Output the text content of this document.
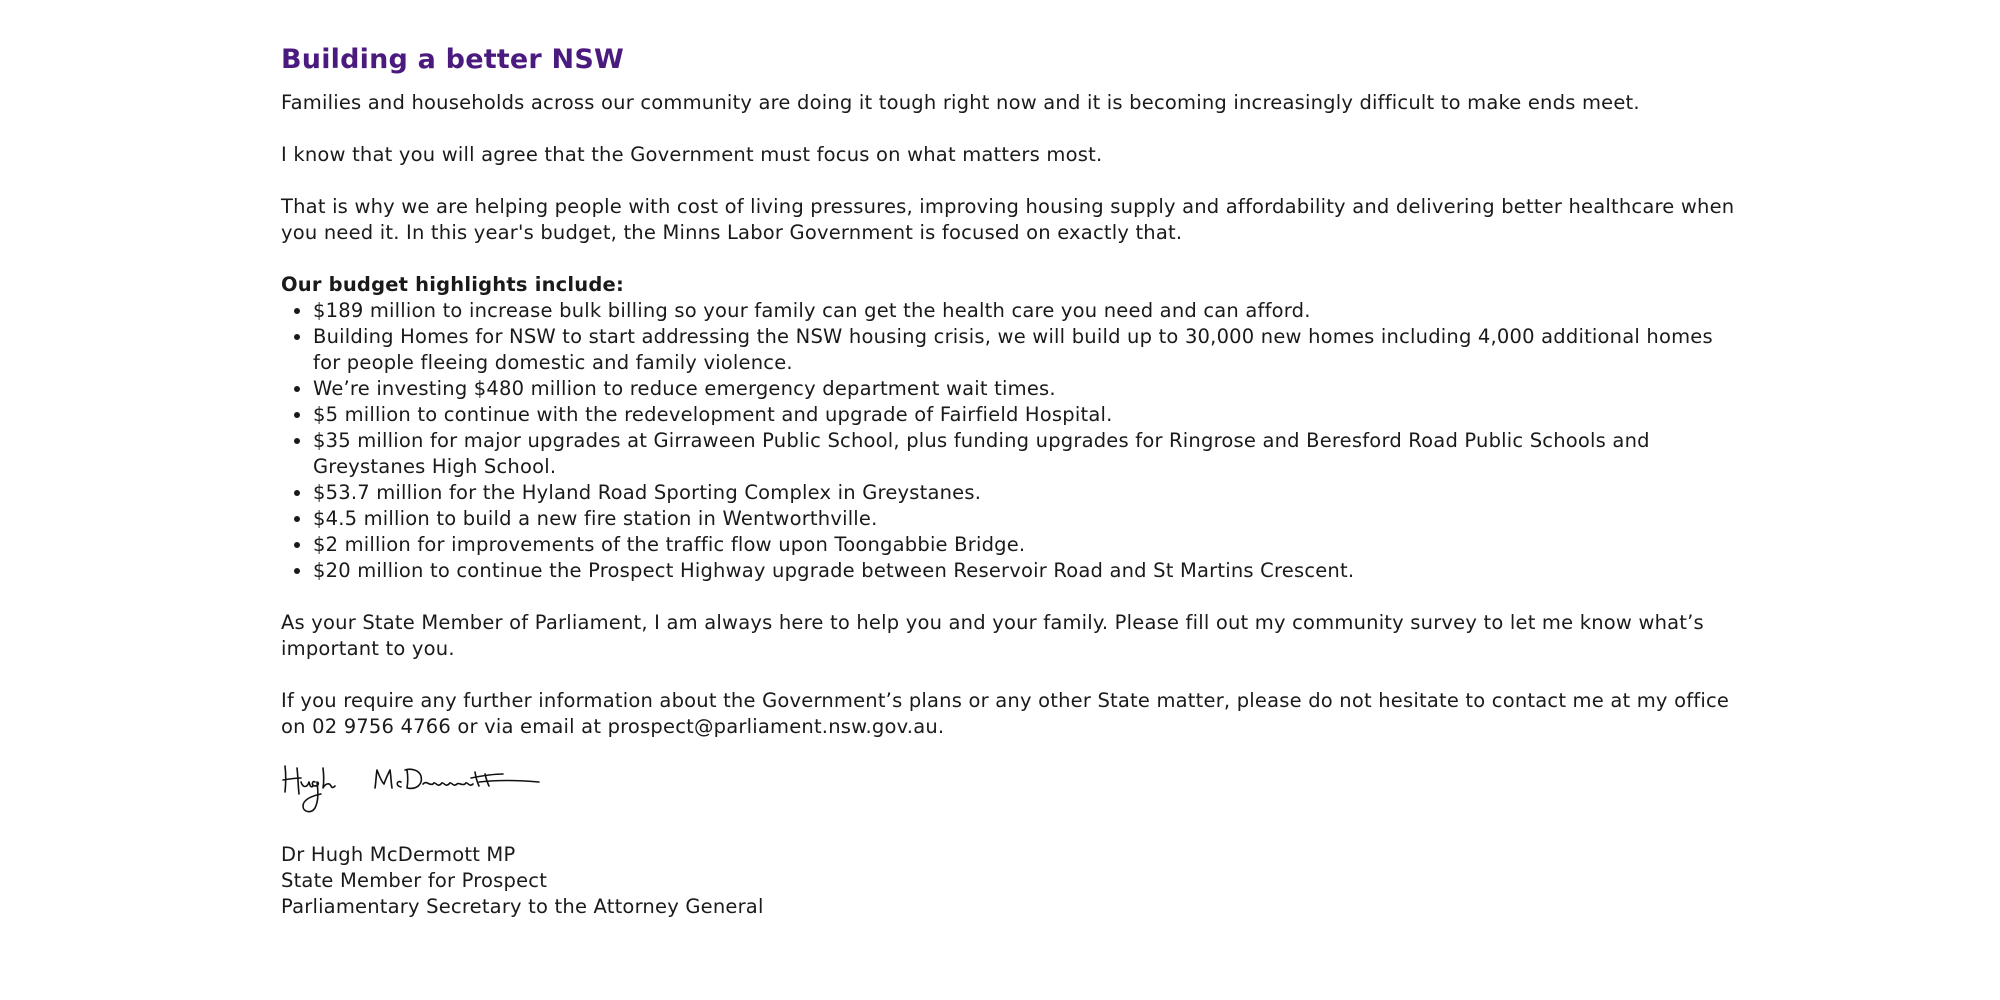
Building a better NSW

Families and households across our community are doing it tough right now and it is becoming increasingly difficult to make ends meet.

I know that you will agree that the Government must focus on what matters most.

That is why we are helping people with cost of living pressures, improving housing supply and affordability and delivering better healthcare when you need it. In this year's budget, the Minns Labor Government is focused on exactly that.

Our budget highlights include:
• $189 million to increase bulk billing so your family can get the health care you need and can afford.
• Building Homes for NSW to start addressing the NSW housing crisis, we will build up to 30,000 new homes including 4,000 additional homes for people fleeing domestic and family violence.
• We’re investing $480 million to reduce emergency department wait times.
• $5 million to continue with the redevelopment and upgrade of Fairfield Hospital.
• $35 million for major upgrades at Girraween Public School, plus funding upgrades for Ringrose and Beresford Road Public Schools and Greystanes High School.
• $53.7 million for the Hyland Road Sporting Complex in Greystanes.
• $4.5 million to build a new fire station in Wentworthville.
• $2 million for improvements of the traffic flow upon Toongabbie Bridge.
• $20 million to continue the Prospect Highway upgrade between Reservoir Road and St Martins Crescent.

As your State Member of Parliament, I am always here to help you and your family. Please fill out my community survey to let me know what’s important to you.

If you require any further information about the Government’s plans or any other State matter, please do not hesitate to contact me at my office on 02 9756 4766 or via email at prospect@parliament.nsw.gov.au.

Dr Hugh McDermott MP
State Member for Prospect
Parliamentary Secretary to the Attorney General
